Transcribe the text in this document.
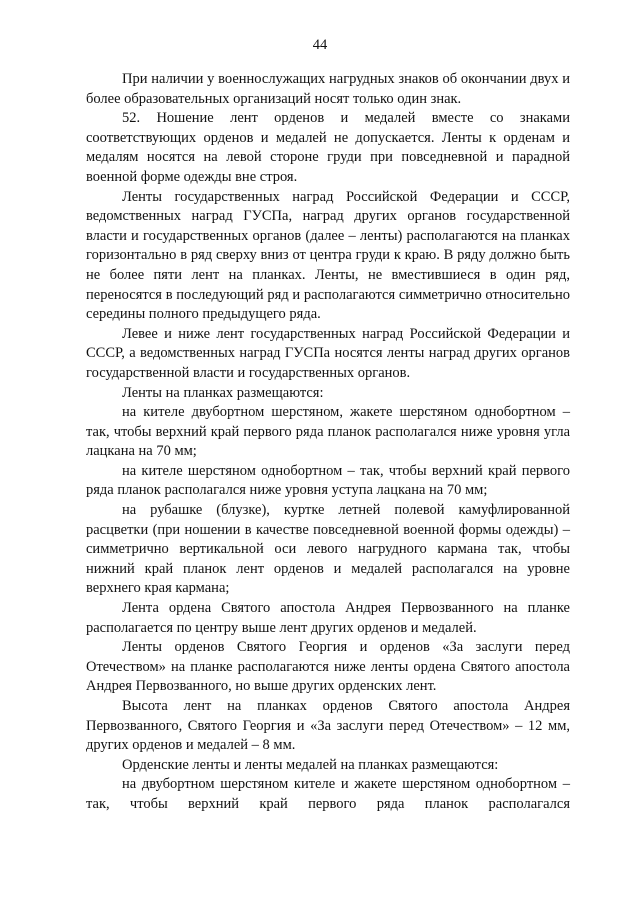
44

При наличии у военнослужащих нагрудных знаков об окончании двух и более образовательных организаций носят только один знак.

52. Ношение лент орденов и медалей вместе со знаками соответствующих орденов и медалей не допускается. Ленты к орденам и медалям носятся на левой стороне груди при повседневной и парадной военной форме одежды вне строя.

Ленты государственных наград Российской Федерации и СССР, ведомственных наград ГУСПа, наград других органов государственной власти и государственных органов (далее – ленты) располагаются на планках горизонтально в ряд сверху вниз от центра груди к краю. В ряду должно быть не более пяти лент на планках. Ленты, не вместившиеся в один ряд, переносятся в последующий ряд и располагаются симметрично относительно середины полного предыдущего ряда.

Левее и ниже лент государственных наград Российской Федерации и СССР, а ведомственных наград ГУСПа носятся ленты наград других органов государственной власти и государственных органов.

Ленты на планках размещаются:

на кителе двубортном шерстяном, жакете шерстяном однобортном – так, чтобы верхний край первого ряда планок располагался ниже уровня угла лацкана на 70 мм;

на кителе шерстяном однобортном – так, чтобы верхний край первого ряда планок располагался ниже уровня уступа лацкана на 70 мм;

на рубашке (блузке), куртке летней полевой камуфлированной расцветки (при ношении в качестве повседневной военной формы одежды) – симметрично вертикальной оси левого нагрудного кармана так, чтобы нижний край планок лент орденов и медалей располагался на уровне верхнего края кармана;

Лента ордена Святого апостола Андрея Первозванного на планке располагается по центру выше лент других орденов и медалей.

Ленты орденов Святого Георгия и орденов «За заслуги перед Отечеством» на планке располагаются ниже ленты ордена Святого апостола Андрея Первозванного, но выше других орденских лент.

Высота лент на планках орденов Святого апостола Андрея Первозванного, Святого Георгия и «За заслуги перед Отечеством» – 12 мм, других орденов и медалей – 8 мм.

Орденские ленты и ленты медалей на планках размещаются:

на двубортном шерстяном кителе и жакете шерстяном однобортном – так, чтобы верхний край первого ряда планок располагался
